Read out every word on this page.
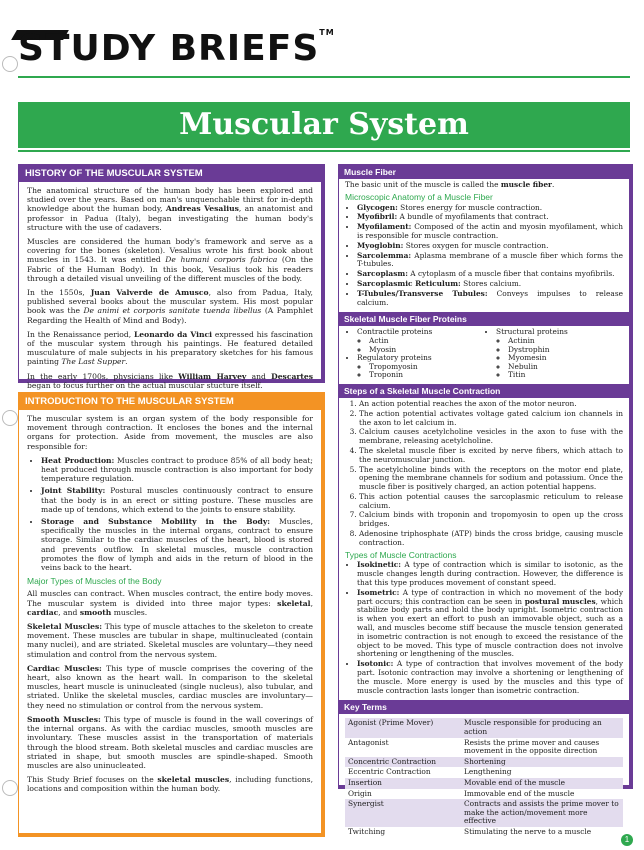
STUDY BRIEFS™
Muscular System
HISTORY OF THE MUSCULAR SYSTEM

The anatomical structure of the human body has been explored and studied over the years. Based on man's unquenchable thirst for in-depth knowledge about the human body, Andreas Vesalius, an anatomist and professor in Padua (Italy), began investigating the human body's structure with the use of cadavers.

Muscles are considered the human body's framework and serve as a covering for the bones (skeleton). Vesalius wrote his first book about muscles in 1543. It was entitled De humani corporis fabrica (On the Fabric of the Human Body). In this book, Vesalius took his readers through a detailed visual unveiling of the different muscles of the body.

In the 1550s, Juan Valverde de Amusco, also from Padua, Italy, published several books about the muscular system. His most popular book was the De animi et corporis sanitate tuenda libellus (A Pamphlet Regarding the Health of Mind and Body).

In the Renaissance period, Leonardo da Vinci expressed his fascination of the muscular system through his paintings. He featured detailed musculature of male subjects in his preparatory sketches for his famous painting The Last Supper.

In the early 1700s, physicians like William Harvey and Descartes began to focus further on the actual muscular stucture itself.

INTRODUCTION TO THE MUSCULAR SYSTEM

The muscular system is an organ system of the body responsible for movement through contraction. It encloses the bones and the internal organs for protection. Aside from movement, the muscles are also responsible for:

• Heat Production: Muscles contract to produce 85% of all body heat; heat produced through muscle contraction is also important for body temperature regulation.
• Joint Stability: Postural muscles continuously contract to ensure that the body is in an erect or sitting posture. These muscles are made up of tendons, which extend to the joints to ensure stability.
• Storage and Substance Mobility in the Body: Muscles, specifically the muscles in the internal organs, contract to ensure storage. Similar to the cardiac muscles of the heart, blood is stored and prevents outflow. In skeletal muscles, muscle contraction promotes the flow of lymph and aids in the return of blood in the veins back to the heart.
Major Types of Muscles of the Body

All muscles can contract. When muscles contract, the entire body moves. The muscular system is divided into three major types: skeletal, cardiac, and smooth muscles.

Skeletal Muscles: This type of muscle attaches to the skeleton to create movement. These muscles are tubular in shape, multinucleated (contain many nuclei), and are striated. Skeletal muscles are voluntary—they need stimulation and control from the nervous system.

Cardiac Muscles: This type of muscle comprises the covering of the heart, also known as the heart wall. In comparison to the skeletal muscles, heart muscle is uninucleated (single nucleus), also tubular, and striated. Unlike the skeletal muscles, cardiac muscles are involuntary—they need no stimulation or control from the nervous system.

Smooth Muscles: This type of muscle is found in the wall coverings of the internal organs. As with the cardiac muscles, smooth muscles are involuntary. These muscles assist in the transportation of materials through the blood stream. Both skeletal muscles and cardiac muscles are striated in shape, but smooth muscles are spindle-shaped. Smooth muscles are also uninucleated.

This Study Brief focuses on the skeletal muscles, including functions, locations and composition within the human body.

Muscle Fiber

The basic unit of the muscle is called the muscle fiber.

Microscopic Anatomy of a Muscle Fiber
• Glycogen: Stores energy for muscle contraction.
• Myofibril: A bundle of myofilaments that contract.
• Myofilament: Composed of the actin and myosin myofilament, which is responsible for muscle contraction.
• Myoglobin: Stores oxygen for muscle contraction.
• Sarcolemma: Aplasma membrane of a muscle fiber which forms the T-tubules.
• Sarcoplasm: A cytoplasm of a muscle fiber that contains myofibrils.
• Sarcoplasmic Reticulum: Stores calcium.
• T-Tubules/Transverse Tubules: Conveys impulses to release calcium.
Skeletal Muscle Fiber Proteins
• Contractile proteins
◦ Actin
◦ Myosin
• Regulatory proteins
◦ Tropomyosin
◦ Troponin
• Structural proteins
◦ Actinin
◦ Dystrophin
◦ Myomesin
◦ Nebulin
◦ Titin
Steps of a Skeletal Muscle Contraction
1. An action potential reaches the axon of the motor neuron.
2. The action potential activates voltage gated calcium ion channels in the axon to let calcium in.
3. Calcium causes acetylcholine vesicles in the axon to fuse with the membrane, releasing acetylcholine.
4. The skeletal muscle fiber is excited by nerve fibers, which attach to the neuromuscular junction.
5. The acetylcholine binds with the receptors on the motor end plate, opening the membrane channels for sodium and potassium. Once the muscle fiber is positively charged, an action potential happens.
6. This action potential causes the sarcoplasmic reticulum to release calcium.
7. Calcium binds with troponin and tropomyosin to open up the cross bridges.
8. Adenosine triphosphate (ATP) binds the cross bridge, causing muscle contraction.
Types of Muscle Contractions
• Isokinetic: A type of contraction which is similar to isotonic, as the muscle changes length during contraction. However, the difference is that this type produces movement of constant speed.
• Isometric: A type of contraction in which no movement of the body part occurs; this contraction can be seen in postural muscles, which stabilize body parts and hold the body upright. Isometric contraction is when you exert an effort to push an immovable object, such as a wall, and muscles become stiff because the muscle tension generated in isometric contraction is not enough to exceed the resistance of the object to be moved. This type of muscle contraction does not involve shortening or lengthening of the muscles.
• Isotonic: A type of contraction that involves movement of the body part. Isotonic contraction may involve a shortening or lengthening of the muscle. More energy is used by the muscles and this type of muscle contraction lasts longer than isometric contraction.
Key Terms
Agonist (Prime Mover)	Muscle responsible for producing an action
Antagonist	Resists the prime mover and causes movement in the opposite direction
Concentric Contraction	Shortening
Eccentric Contraction	Lengthening
Insertion	Movable end of the muscle
Origin	Immovable end of the muscle
Synergist	Contracts and assists the prime mover to make the action/movement more effective
Twitching	Stimulating the nerve to a muscle
1
